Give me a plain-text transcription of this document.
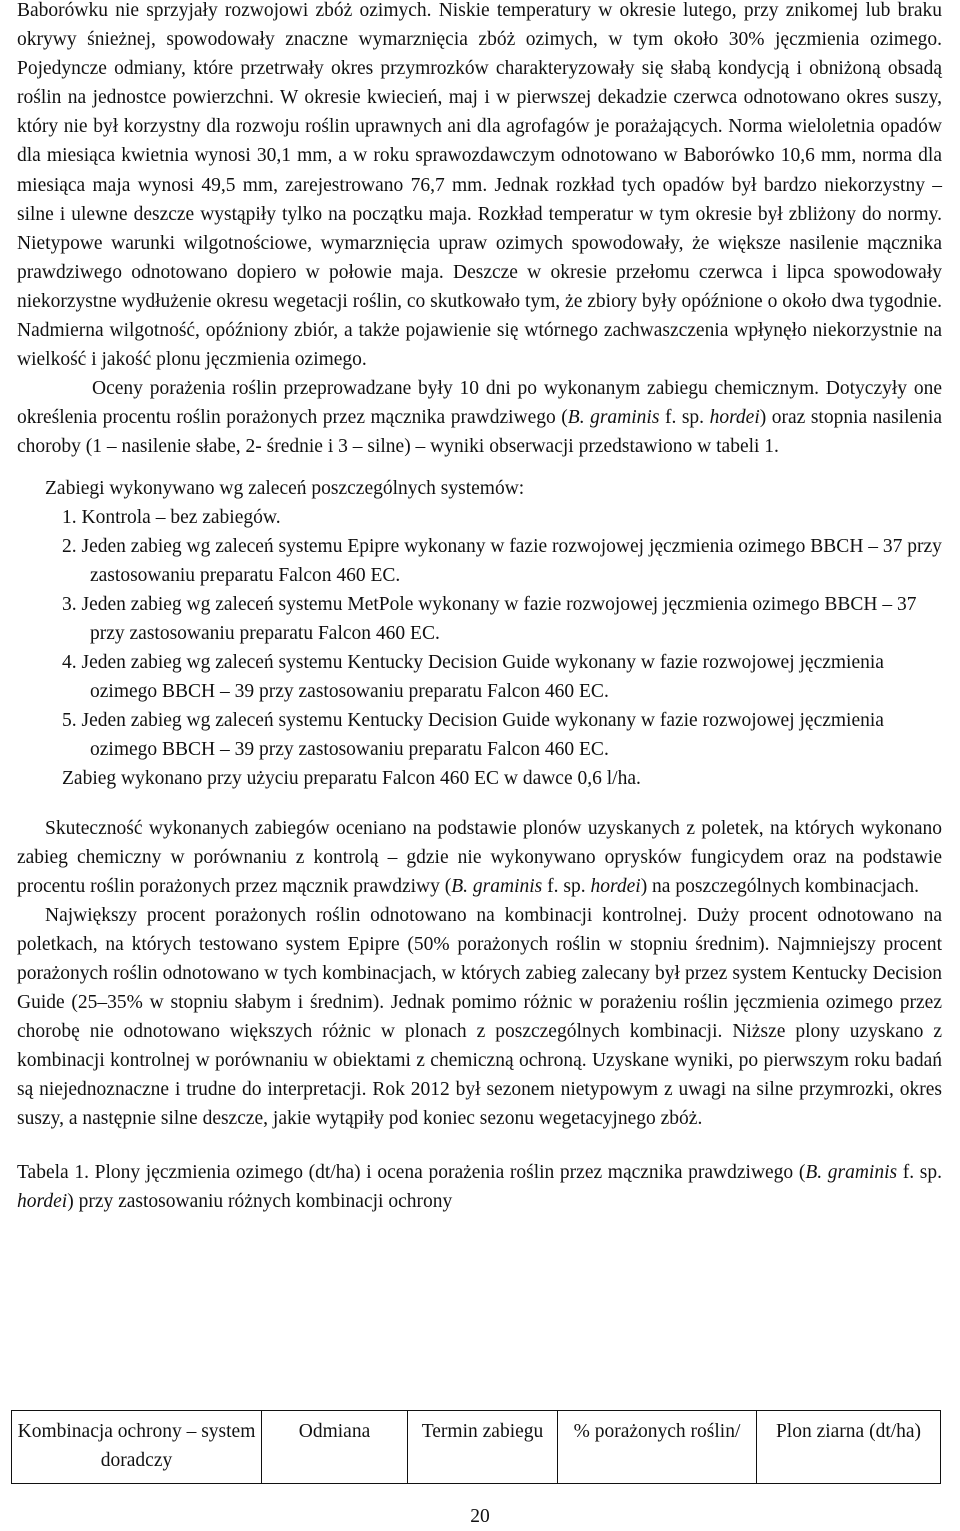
Baborówku nie sprzyjały rozwojowi zbóż ozimych. Niskie temperatury w okresie lutego, przy znikomej lub braku okrywy śnieżnej, spowodowały znaczne wymarznięcia zbóż ozimych, w tym około 30% jęczmienia ozimego. Pojedyncze odmiany, które przetrwały okres przymrozków charakteryzowały się słabą kondycją i obniżoną obsadą roślin na jednostce powierzchni. W okresie kwiecień, maj i w pierwszej dekadzie czerwca odnotowano okres suszy, który nie był korzystny dla rozwoju roślin uprawnych ani dla agrofagów je porażających. Norma wieloletnia opadów dla miesiąca kwietnia wynosi 30,1 mm, a w roku sprawozdawczym odnotowano w Baborówko 10,6 mm, norma dla miesiąca maja wynosi 49,5 mm, zarejestrowano 76,7 mm. Jednak rozkład tych opadów był bardzo niekorzystny – silne i ulewne deszcze wystąpiły tylko na początku maja. Rozkład temperatur w tym okresie był zbliżony do normy. Nietypowe warunki wilgotnościowe, wymarznięcia upraw ozimych spowodowały, że większe nasilenie mącznika prawdziwego odnotowano dopiero w połowie maja. Deszcze w okresie przełomu czerwca i lipca spowodowały niekorzystne wydłużenie okresu wegetacji roślin, co skutkowało tym, że zbiory były opóźnione o około dwa tygodnie. Nadmierna wilgotność, opóźniony zbiór, a także pojawienie się wtórnego zachwaszczenia wpłynęło niekorzystnie na wielkość i jakość plonu jęczmienia ozimego.

Oceny porażenia roślin przeprowadzane były 10 dni po wykonanym zabiegu chemicznym. Dotyczyły one określenia procentu roślin porażonych przez mącznika prawdziwego (B. graminis f. sp. hordei) oraz stopnia nasilenia choroby (1 – nasilenie słabe, 2- średnie i 3 – silne) – wyniki obserwacji przedstawiono w tabeli 1.

Zabiegi wykonywano wg zaleceń poszczególnych systemów:

1. Kontrola – bez zabiegów.
2. Jeden zabieg wg zaleceń systemu Epipre wykonany w fazie rozwojowej jęczmienia ozimego BBCH – 37 przy zastosowaniu preparatu Falcon 460 EC.
3. Jeden zabieg wg zaleceń systemu MetPole wykonany w fazie rozwojowej jęczmienia ozimego BBCH – 37 przy zastosowaniu preparatu Falcon 460 EC.
4. Jeden zabieg wg zaleceń systemu Kentucky Decision Guide wykonany w fazie rozwojowej jęczmienia ozimego BBCH – 39 przy zastosowaniu preparatu Falcon 460 EC.
5. Jeden zabieg wg zaleceń systemu Kentucky Decision Guide wykonany w fazie rozwojowej jęczmienia ozimego BBCH – 39 przy zastosowaniu preparatu Falcon 460 EC.
Zabieg wykonano przy użyciu preparatu Falcon 460 EC w dawce 0,6 l/ha.

Skuteczność wykonanych zabiegów oceniano na podstawie plonów uzyskanych z poletek, na których wykonano zabieg chemiczny w porównaniu z kontrolą – gdzie nie wykonywano oprysków fungicydem oraz na podstawie procentu roślin porażonych przez mącznik prawdziwy (B. graminis f. sp. hordei) na poszczególnych kombinacjach.

Największy procent porażonych roślin odnotowano na kombinacji kontrolnej. Duży procent odnotowano na poletkach, na których testowano system Epipre (50% porażonych roślin w stopniu średnim). Najmniejszy procent porażonych roślin odnotowano w tych kombinacjach, w których zabieg zalecany był przez system Kentucky Decision Guide (25–35% w stopniu słabym i średnim). Jednak pomimo różnic w porażeniu roślin jęczmienia ozimego przez chorobę nie odnotowano większych różnic w plonach z poszczególnych kombinacji. Niższe plony uzyskano z kombinacji kontrolnej w porównaniu w obiektami z chemiczną ochroną. Uzyskane wyniki, po pierwszym roku badań są niejednoznaczne i trudne do interpretacji. Rok 2012 był sezonem nietypowym z uwagi na silne przymrozki, okres suszy, a następnie silne deszcze, jakie wytąpiły pod koniec sezonu wegetacyjnego zbóż.

Tabela 1. Plony jęczmienia ozimego (dt/ha) i ocena porażenia roślin przez mącznika prawdziwego (B. graminis f. sp. hordei) przy zastosowaniu różnych kombinacji ochrony

Kombinacja ochrony – system doradczy	Odmiana	Termin zabiegu	% porażonych roślin/	Plon ziarna (dt/ha)
20
